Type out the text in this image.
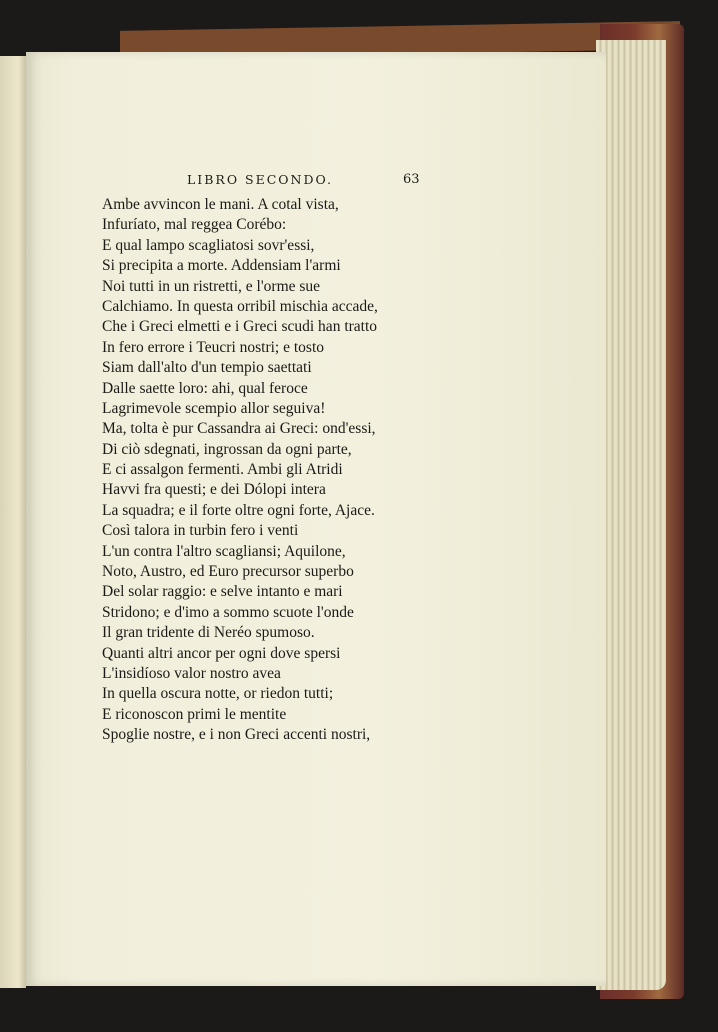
LIBRO SECONDO.	63
Ambe avvincon le mani. A cotal vista,
Infuríato, mal reggea Corébo:
E qual lampo scagliatosi sovr'essi,
Si precipita a morte. Addensiam l'armi
Noi tutti in un ristretti, e l'orme sue
Calchiamo. In questa orribil mischia accade,
Che i Greci elmetti e i Greci scudi han tratto
In fero errore i Teucri nostri; e tosto
Siam dall'alto d'un tempio saettati
Dalle saette loro: ahi, qual feroce
Lagrimevole scempio allor seguiva!
Ma, tolta è pur Cassandra ai Greci: ond'essi,
Di ciò sdegnati, ingrossan da ogni parte,
E ci assalgon fermenti. Ambi gli Atridi
Havvi fra questi; e dei Dólopi intera
La squadra; e il forte oltre ogni forte, Ajace.
Così talora in turbin fero i venti
L'un contra l'altro scagliansi; Aquilone,
Noto, Austro, ed Euro precursor superbo
Del solar raggio: e selve intanto e mari
Stridono; e d'imo a sommo scuote l'onde
Il gran tridente di Neréo spumoso.
Quanti altri ancor per ogni dove spersi
L'insidíoso valor nostro avea
In quella oscura notte, or riedon tutti;
E riconoscon primi le mentite
Spoglie nostre, e i non Greci accenti nostri,
